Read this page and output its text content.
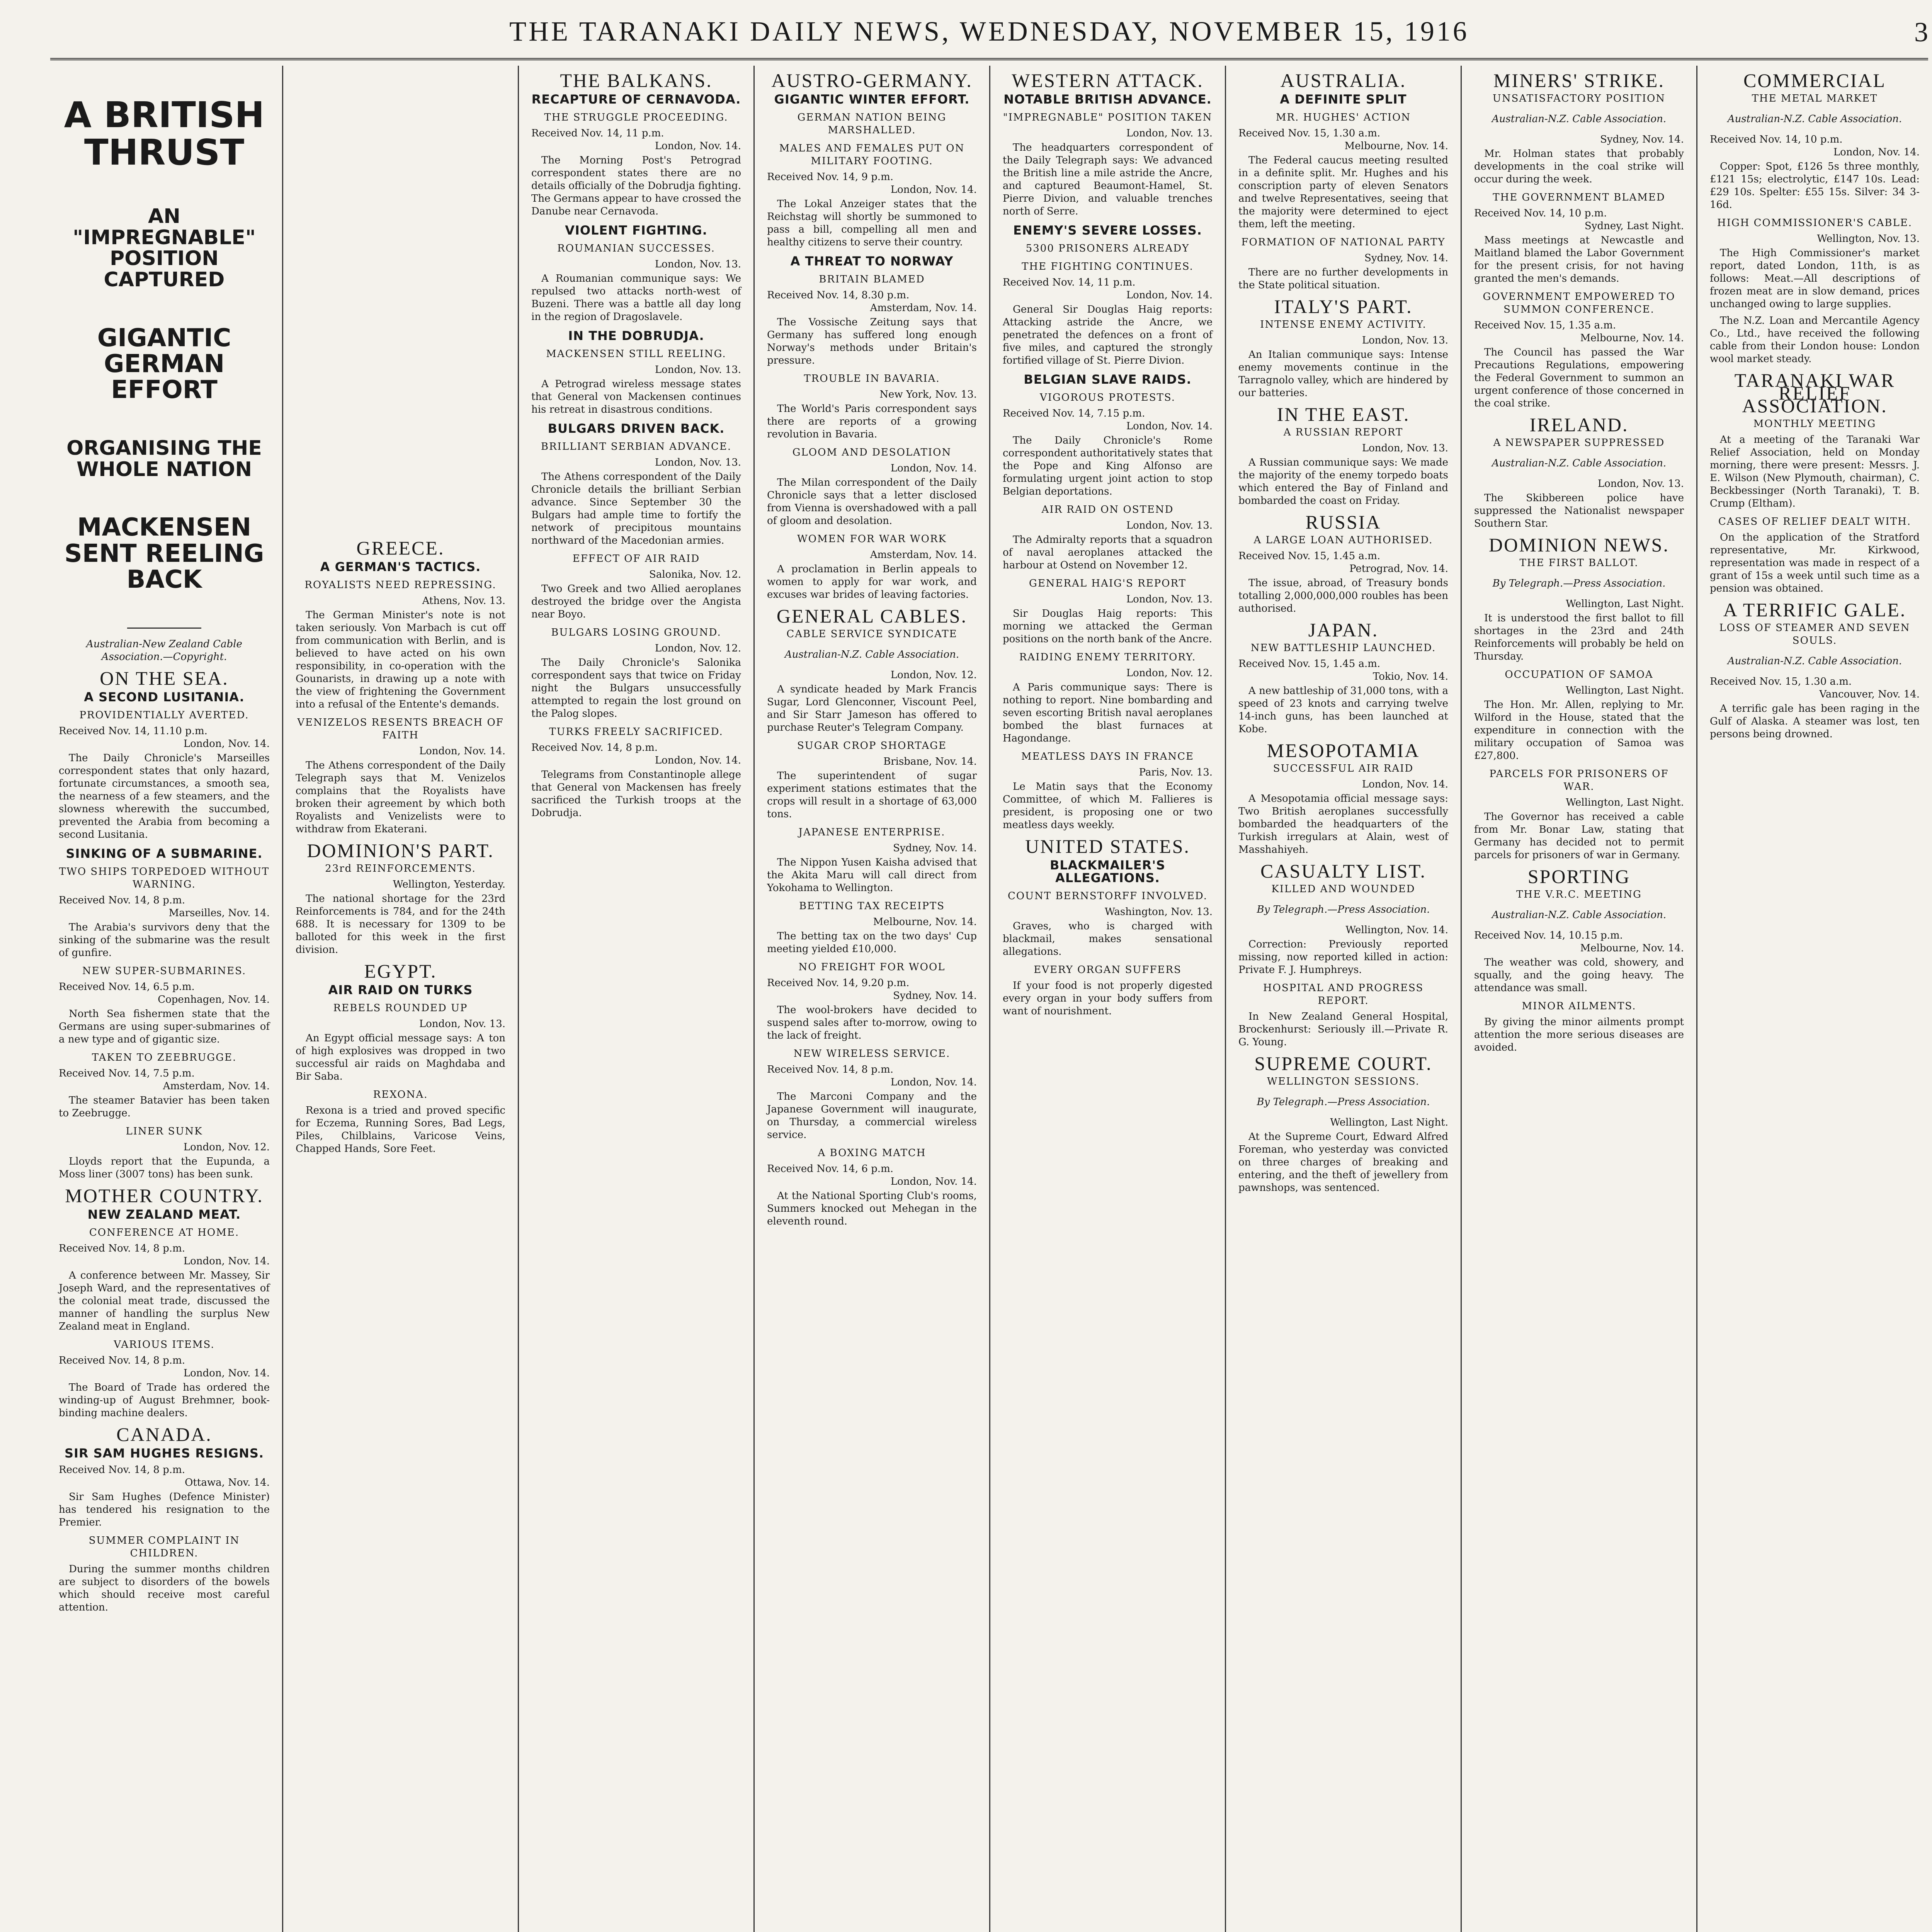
THE TARANAKI DAILY NEWS, WEDNESDAY, NOVEMBER 15, 1916	3
A BRITISH THRUST
AN "IMPREGNABLE" POSITION CAPTURED
GIGANTIC GERMAN EFFORT
ORGANISING THE WHOLE NATION
MACKENSEN SENT REELING BACK
Australian-New Zealand Cable Association.—Copyright.
ON THE SEA.
A SECOND LUSITANIA.
PROVIDENTIALLY AVERTED.
Received Nov. 14, 11.10 p.m.
London, Nov. 14.

The Daily Chronicle's Marseilles correspondent states that only hazard, fortunate circumstances, a smooth sea, the nearness of a few steamers, and the slowness wherewith the succumbed, prevented the Arabia from becoming a second Lusitania.

SINKING OF A SUBMARINE.
TWO SHIPS TORPEDOED WITHOUT WARNING.
Received Nov. 14, 8 p.m.
Marseilles, Nov. 14.

The Arabia's survivors deny that the sinking of the submarine was the result of gunfire.

NEW SUPER-SUBMARINES.
Received Nov. 14, 6.5 p.m.
Copenhagen, Nov. 14.

North Sea fishermen state that the Germans are using super-submarines of a new type and of gigantic size.

TAKEN TO ZEEBRUGGE.
Received Nov. 14, 7.5 p.m.
Amsterdam, Nov. 14.

The steamer Batavier has been taken to Zeebrugge.

LINER SUNK
London, Nov. 12.

Lloyds report that the Eupunda, a Moss liner (3007 tons) has been sunk.

MOTHER COUNTRY.
NEW ZEALAND MEAT.
CONFERENCE AT HOME.
Received Nov. 14, 8 p.m.
London, Nov. 14.

A conference between Mr. Massey, Sir Joseph Ward, and the representatives of the colonial meat trade, discussed the manner of handling the surplus New Zealand meat in England.

VARIOUS ITEMS.
Received Nov. 14, 8 p.m.
London, Nov. 14.

The Board of Trade has ordered the winding-up of August Brehmner, book-binding machine dealers.

CANADA.
SIR SAM HUGHES RESIGNS.
Received Nov. 14, 8 p.m.
Ottawa, Nov. 14.

Sir Sam Hughes (Defence Minister) has tendered his resignation to the Premier.

SUMMER COMPLAINT IN CHILDREN.

During the summer months children are subject to disorders of the bowels which should receive most careful attention.

GREECE.
A GERMAN'S TACTICS.
ROYALISTS NEED REPRESSING.
Athens, Nov. 13.

The German Minister's note is not taken seriously. Von Marbach is cut off from communication with Berlin, and is believed to have acted on his own responsibility, in co-operation with the Gounarists, in drawing up a note with the view of frightening the Government into a refusal of the Entente's demands.

VENIZELOS RESENTS BREACH OF FAITH
London, Nov. 14.

The Athens correspondent of the Daily Telegraph says that M. Venizelos complains that the Royalists have broken their agreement by which both Royalists and Venizelists were to withdraw from Ekaterani.

DOMINION'S PART.
23rd REINFORCEMENTS.
Wellington, Yesterday.

The national shortage for the 23rd Reinforcements is 784, and for the 24th 688. It is necessary for 1309 to be balloted for this week in the first division.

EGYPT.
AIR RAID ON TURKS
REBELS ROUNDED UP
London, Nov. 13.

An Egypt official message says: A ton of high explosives was dropped in two successful air raids on Maghdaba and Bir Saba.

REXONA.

Rexona is a tried and proved specific for Eczema, Running Sores, Bad Legs, Piles, Chilblains, Varicose Veins, Chapped Hands, Sore Feet.

THE BALKANS.
RECAPTURE OF CERNAVODA.
THE STRUGGLE PROCEEDING.
Received Nov. 14, 11 p.m.
London, Nov. 14.

The Morning Post's Petrograd correspondent states there are no details officially of the Dobrudja fighting. The Germans appear to have crossed the Danube near Cernavoda.

VIOLENT FIGHTING.
ROUMANIAN SUCCESSES.
London, Nov. 13.

A Roumanian communique says: We repulsed two attacks north-west of Buzeni. There was a battle all day long in the region of Dragoslavele.

IN THE DOBRUDJA.
MACKENSEN STILL REELING.
London, Nov. 13.

A Petrograd wireless message states that General von Mackensen continues his retreat in disastrous conditions.

BULGARS DRIVEN BACK.
BRILLIANT SERBIAN ADVANCE.
London, Nov. 13.

The Athens correspondent of the Daily Chronicle details the brilliant Serbian advance. Since September 30 the Bulgars had ample time to fortify the network of precipitous mountains northward of the Macedonian armies.

EFFECT OF AIR RAID
Salonika, Nov. 12.

Two Greek and two Allied aeroplanes destroyed the bridge over the Angista near Boyo.

BULGARS LOSING GROUND.
London, Nov. 12.

The Daily Chronicle's Salonika correspondent says that twice on Friday night the Bulgars unsuccessfully attempted to regain the lost ground on the Palog slopes.

TURKS FREELY SACRIFICED.
Received Nov. 14, 8 p.m.
London, Nov. 14.

Telegrams from Constantinople allege that General von Mackensen has freely sacrificed the Turkish troops at the Dobrudja.

AUSTRO-GERMANY.
GIGANTIC WINTER EFFORT.
GERMAN NATION BEING MARSHALLED.
MALES AND FEMALES PUT ON MILITARY FOOTING.
Received Nov. 14, 9 p.m.
London, Nov. 14.

The Lokal Anzeiger states that the Reichstag will shortly be summoned to pass a bill, compelling all men and healthy citizens to serve their country.

A THREAT TO NORWAY
BRITAIN BLAMED
Received Nov. 14, 8.30 p.m.
Amsterdam, Nov. 14.

The Vossische Zeitung says that Germany has suffered long enough Norway's methods under Britain's pressure.

TROUBLE IN BAVARIA.
New York, Nov. 13.

The World's Paris correspondent says there are reports of a growing revolution in Bavaria.

GLOOM AND DESOLATION
London, Nov. 14.

The Milan correspondent of the Daily Chronicle says that a letter disclosed from Vienna is overshadowed with a pall of gloom and desolation.

WOMEN FOR WAR WORK
Amsterdam, Nov. 14.

A proclamation in Berlin appeals to women to apply for war work, and excuses war brides of leaving factories.

GENERAL CABLES.
CABLE SERVICE SYNDICATE
Australian-N.Z. Cable Association.
London, Nov. 12.

A syndicate headed by Mark Francis Sugar, Lord Glenconner, Viscount Peel, and Sir Starr Jameson has offered to purchase Reuter's Telegram Company.

SUGAR CROP SHORTAGE
Brisbane, Nov. 14.

The superintendent of sugar experiment stations estimates that the crops will result in a shortage of 63,000 tons.

JAPANESE ENTERPRISE.
Sydney, Nov. 14.

The Nippon Yusen Kaisha advised that the Akita Maru will call direct from Yokohama to Wellington.

BETTING TAX RECEIPTS
Melbourne, Nov. 14.

The betting tax on the two days' Cup meeting yielded £10,000.

NO FREIGHT FOR WOOL
Received Nov. 14, 9.20 p.m.
Sydney, Nov. 14.

The wool-brokers have decided to suspend sales after to-morrow, owing to the lack of freight.

NEW WIRELESS SERVICE.
Received Nov. 14, 8 p.m.
London, Nov. 14.

The Marconi Company and the Japanese Government will inaugurate, on Thursday, a commercial wireless service.

A BOXING MATCH
Received Nov. 14, 6 p.m.
London, Nov. 14.

At the National Sporting Club's rooms, Summers knocked out Mehegan in the eleventh round.

WESTERN ATTACK.
NOTABLE BRITISH ADVANCE.
"IMPREGNABLE" POSITION TAKEN
London, Nov. 13.

The headquarters correspondent of the Daily Telegraph says: We advanced the British line a mile astride the Ancre, and captured Beaumont-Hamel, St. Pierre Divion, and valuable trenches north of Serre.

ENEMY'S SEVERE LOSSES.
5300 PRISONERS ALREADY
THE FIGHTING CONTINUES.
Received Nov. 14, 11 p.m.
London, Nov. 14.

General Sir Douglas Haig reports: Attacking astride the Ancre, we penetrated the defences on a front of five miles, and captured the strongly fortified village of St. Pierre Divion.

BELGIAN SLAVE RAIDS.
VIGOROUS PROTESTS.
Received Nov. 14, 7.15 p.m.
London, Nov. 14.

The Daily Chronicle's Rome correspondent authoritatively states that the Pope and King Alfonso are formulating urgent joint action to stop Belgian deportations.

AIR RAID ON OSTEND
London, Nov. 13.

The Admiralty reports that a squadron of naval aeroplanes attacked the harbour at Ostend on November 12.

GENERAL HAIG'S REPORT
London, Nov. 13.

Sir Douglas Haig reports: This morning we attacked the German positions on the north bank of the Ancre.

RAIDING ENEMY TERRITORY.
London, Nov. 12.

A Paris communique says: There is nothing to report. Nine bombarding and seven escorting British naval aeroplanes bombed the blast furnaces at Hagondange.

MEATLESS DAYS IN FRANCE
Paris, Nov. 13.

Le Matin says that the Economy Committee, of which M. Fallieres is president, is proposing one or two meatless days weekly.

UNITED STATES.
BLACKMAILER'S ALLEGATIONS.
COUNT BERNSTORFF INVOLVED.
Washington, Nov. 13.

Graves, who is charged with blackmail, makes sensational allegations.

EVERY ORGAN SUFFERS

If your food is not properly digested every organ in your body suffers from want of nourishment.

AUSTRALIA.
A DEFINITE SPLIT
MR. HUGHES' ACTION
Received Nov. 15, 1.30 a.m.
Melbourne, Nov. 14.

The Federal caucus meeting resulted in a definite split. Mr. Hughes and his conscription party of eleven Senators and twelve Representatives, seeing that the majority were determined to eject them, left the meeting.

FORMATION OF NATIONAL PARTY
Sydney, Nov. 14.

There are no further developments in the State political situation.

ITALY'S PART.
INTENSE ENEMY ACTIVITY.
London, Nov. 13.

An Italian communique says: Intense enemy movements continue in the Tarragnolo valley, which are hindered by our batteries.

IN THE EAST.
A RUSSIAN REPORT
London, Nov. 13.

A Russian communique says: We made the majority of the enemy torpedo boats which entered the Bay of Finland and bombarded the coast on Friday.

RUSSIA
A LARGE LOAN AUTHORISED.
Received Nov. 15, 1.45 a.m.
Petrograd, Nov. 14.

The issue, abroad, of Treasury bonds totalling 2,000,000,000 roubles has been authorised.

JAPAN.
NEW BATTLESHIP LAUNCHED.
Received Nov. 15, 1.45 a.m.
Tokio, Nov. 14.

A new battleship of 31,000 tons, with a speed of 23 knots and carrying twelve 14-inch guns, has been launched at Kobe.

MESOPOTAMIA
SUCCESSFUL AIR RAID
London, Nov. 14.

A Mesopotamia official message says: Two British aeroplanes successfully bombarded the headquarters of the Turkish irregulars at Alain, west of Masshahiyeh.

CASUALTY LIST.
KILLED AND WOUNDED
By Telegraph.—Press Association.
Wellington, Nov. 14.

Correction: Previously reported missing, now reported killed in action: Private F. J. Humphreys.

HOSPITAL AND PROGRESS REPORT.

In New Zealand General Hospital, Brockenhurst: Seriously ill.—Private R. G. Young.

SUPREME COURT.
WELLINGTON SESSIONS.
By Telegraph.—Press Association.
Wellington, Last Night.

At the Supreme Court, Edward Alfred Foreman, who yesterday was convicted on three charges of breaking and entering, and the theft of jewellery from pawnshops, was sentenced.

MINERS' STRIKE.
UNSATISFACTORY POSITION
Australian-N.Z. Cable Association.
Sydney, Nov. 14.

Mr. Holman states that probably developments in the coal strike will occur during the week.

THE GOVERNMENT BLAMED
Received Nov. 14, 10 p.m.
Sydney, Last Night.

Mass meetings at Newcastle and Maitland blamed the Labor Government for the present crisis, for not having granted the men's demands.

GOVERNMENT EMPOWERED TO SUMMON CONFERENCE.
Received Nov. 15, 1.35 a.m.
Melbourne, Nov. 14.

The Council has passed the War Precautions Regulations, empowering the Federal Government to summon an urgent conference of those concerned in the coal strike.

IRELAND.
A NEWSPAPER SUPPRESSED
Australian-N.Z. Cable Association.
London, Nov. 13.

The Skibbereen police have suppressed the Nationalist newspaper Southern Star.

DOMINION NEWS.
THE FIRST BALLOT.
By Telegraph.—Press Association.
Wellington, Last Night.

It is understood the first ballot to fill shortages in the 23rd and 24th Reinforcements will probably be held on Thursday.

OCCUPATION OF SAMOA
Wellington, Last Night.

The Hon. Mr. Allen, replying to Mr. Wilford in the House, stated that the expenditure in connection with the military occupation of Samoa was £27,800.

PARCELS FOR PRISONERS OF WAR.
Wellington, Last Night.

The Governor has received a cable from Mr. Bonar Law, stating that Germany has decided not to permit parcels for prisoners of war in Germany.

SPORTING
THE V.R.C. MEETING
Australian-N.Z. Cable Association.
Received Nov. 14, 10.15 p.m.
Melbourne, Nov. 14.

The weather was cold, showery, and squally, and the going heavy. The attendance was small.

MINOR AILMENTS.

By giving the minor ailments prompt attention the more serious diseases are avoided.

COMMERCIAL
THE METAL MARKET
Australian-N.Z. Cable Association.
Received Nov. 14, 10 p.m.
London, Nov. 14.

Copper: Spot, £126 5s three monthly, £121 15s; electrolytic, £147 10s. Lead: £29 10s. Spelter: £55 15s. Silver: 34 3-16d.

HIGH COMMISSIONER'S CABLE.
Wellington, Nov. 13.

The High Commissioner's market report, dated London, 11th, is as follows: Meat.—All descriptions of frozen meat are in slow demand, prices unchanged owing to large supplies.

The N.Z. Loan and Mercantile Agency Co., Ltd., have received the following cable from their London house: London wool market steady.

TARANAKI WAR RELIEF ASSOCIATION.
MONTHLY MEETING

At a meeting of the Taranaki War Relief Association, held on Monday morning, there were present: Messrs. J. E. Wilson (New Plymouth, chairman), C. Beckbessinger (North Taranaki), T. B. Crump (Eltham).

CASES OF RELIEF DEALT WITH.

On the application of the Stratford representative, Mr. Kirkwood, representation was made in respect of a grant of 15s a week until such time as a pension was obtained.

A TERRIFIC GALE.
LOSS OF STEAMER AND SEVEN SOULS.
Australian-N.Z. Cable Association.
Received Nov. 15, 1.30 a.m.
Vancouver, Nov. 14.

A terrific gale has been raging in the Gulf of Alaska. A steamer was lost, ten persons being drowned.
